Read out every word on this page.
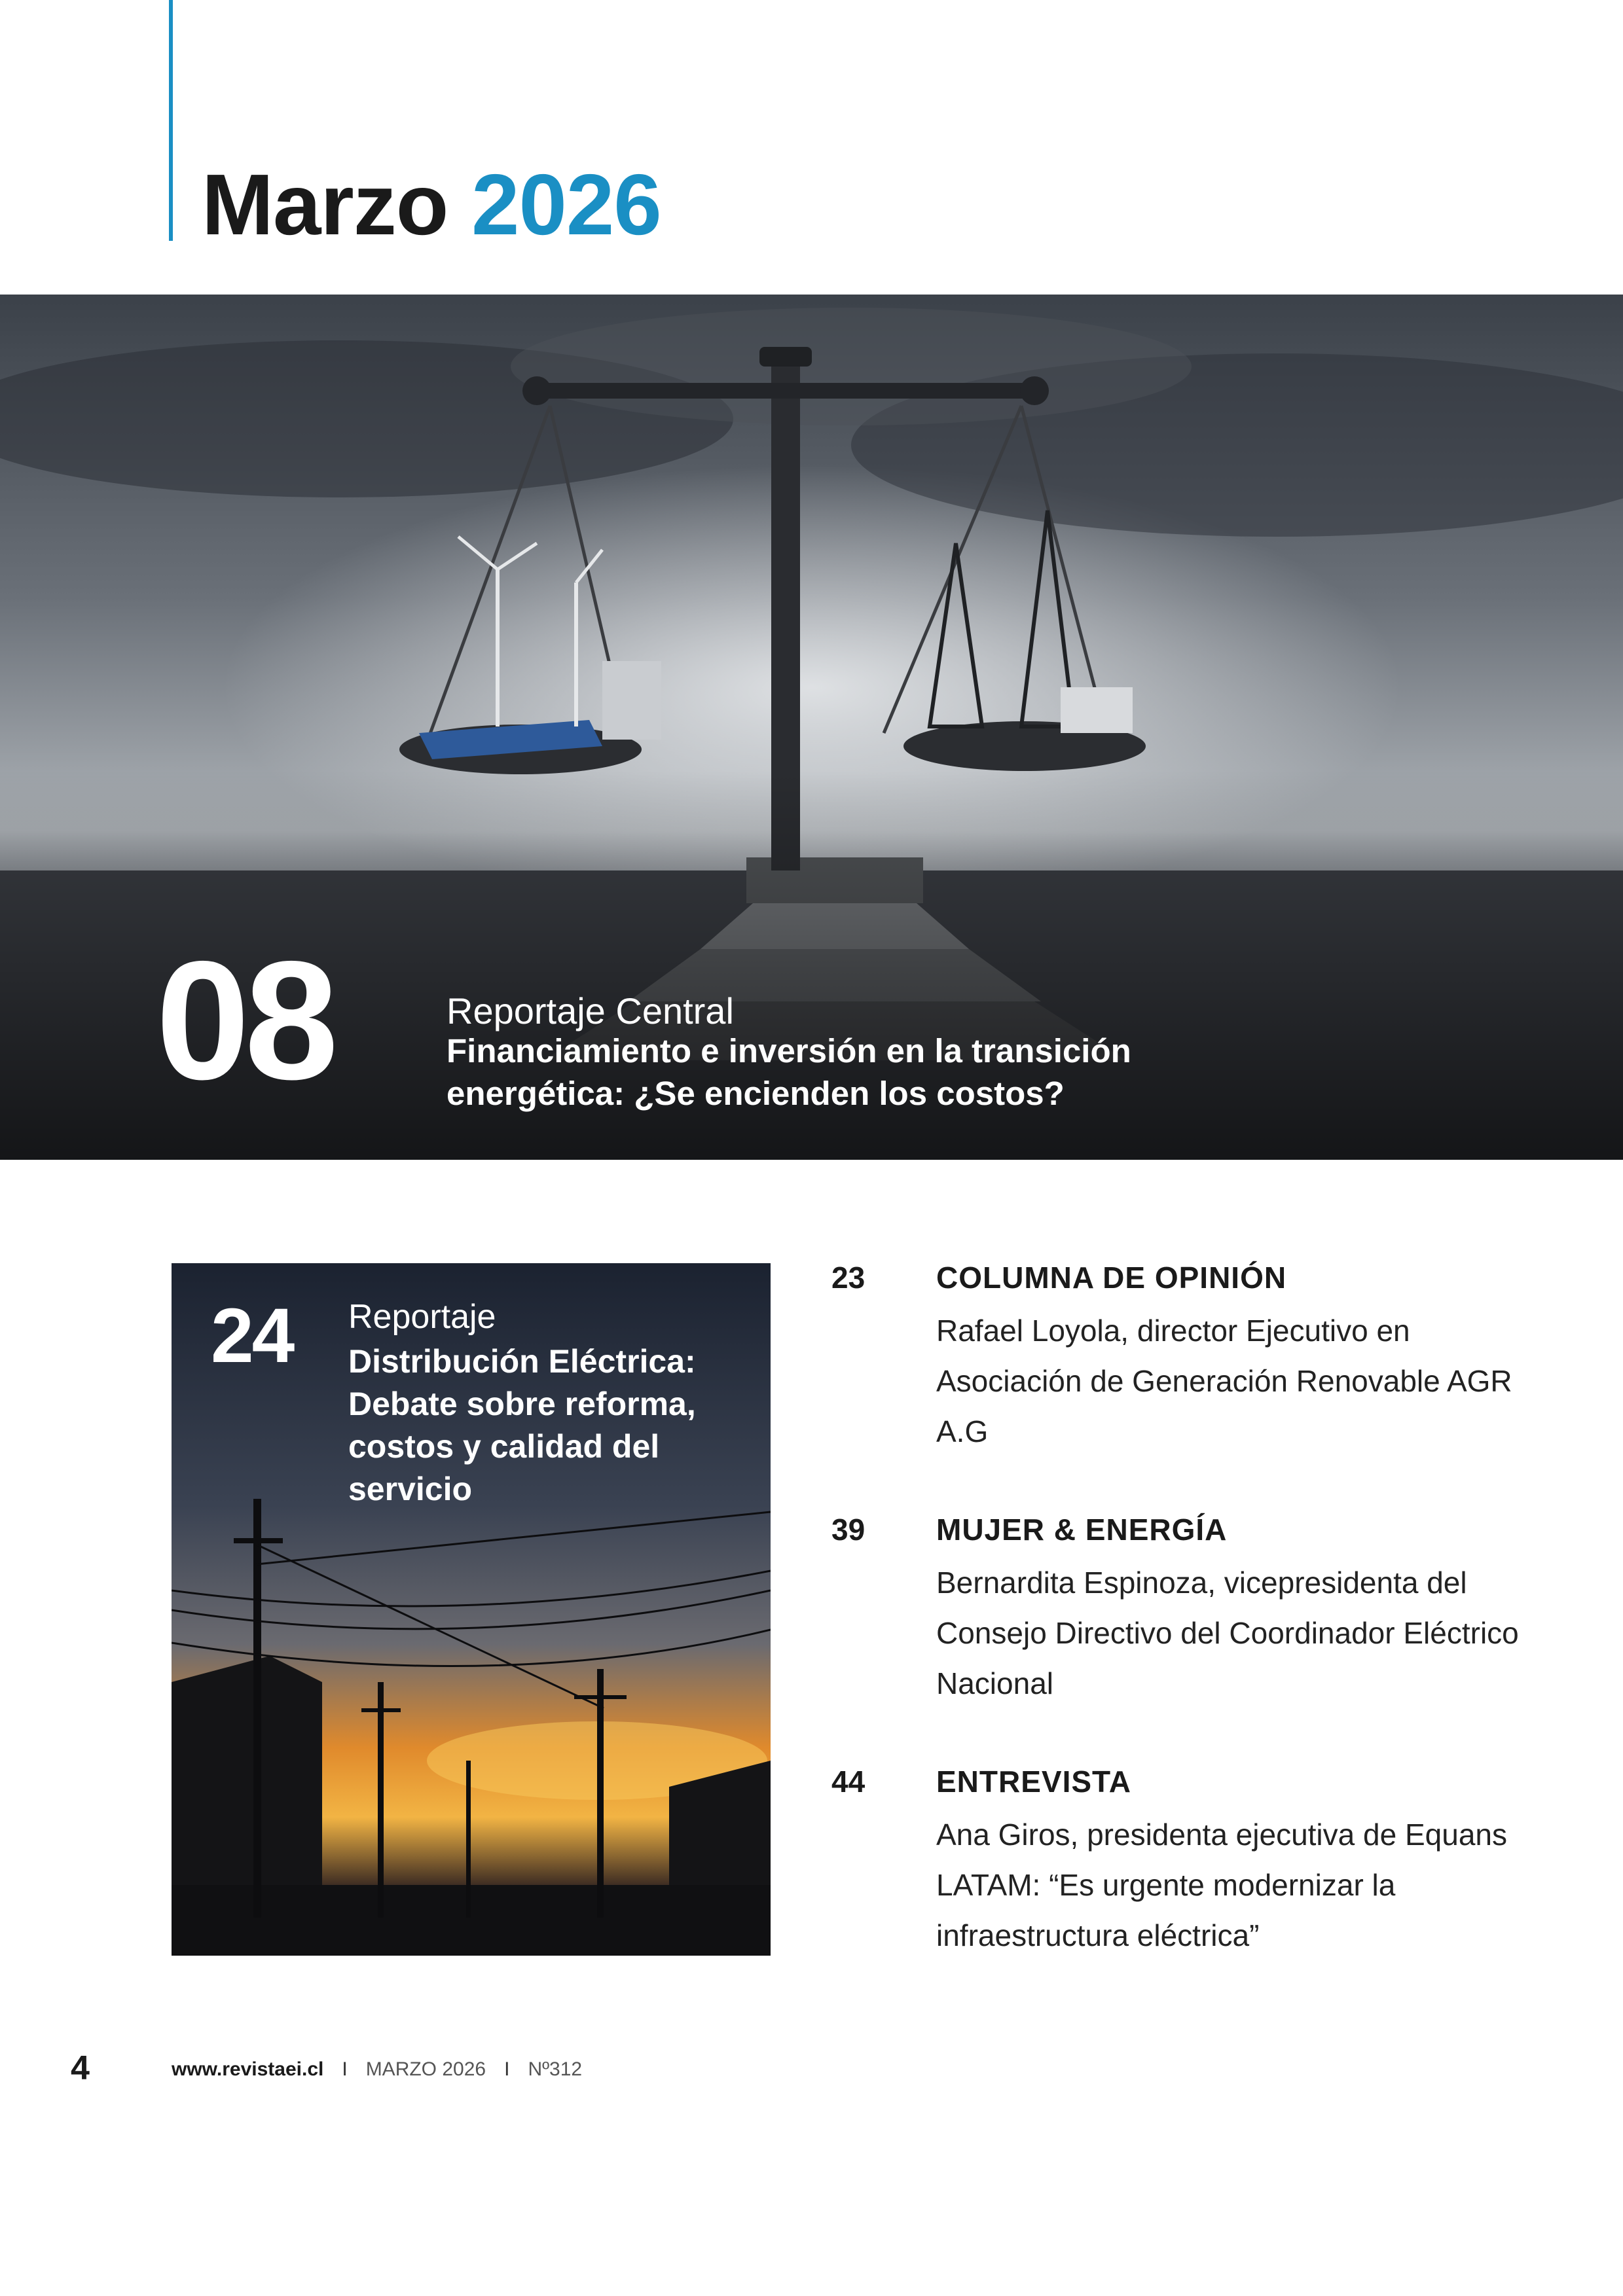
Marzo 2026
08	Reportaje Central
Financiamiento e inversión en la transición energética: ¿Se encienden los costos?
24 Reportaje
Distribución Eléctrica: Debate sobre reforma, costos y calidad del servicio
23 COLUMNA DE OPINIÓN
Rafael Loyola, director Ejecutivo en Asociación de Generación Renovable AGR A.G
39 MUJER & ENERGÍA
Bernardita Espinoza, vicepresidenta del Consejo Directivo del Coordinador Eléctrico Nacional
44 ENTREVISTA
Ana Giros, presidenta ejecutiva de Equans LATAM: “Es urgente modernizar la infraestructura eléctrica”
4	www.revistaei.cl I MARZO 2026 I Nº312
